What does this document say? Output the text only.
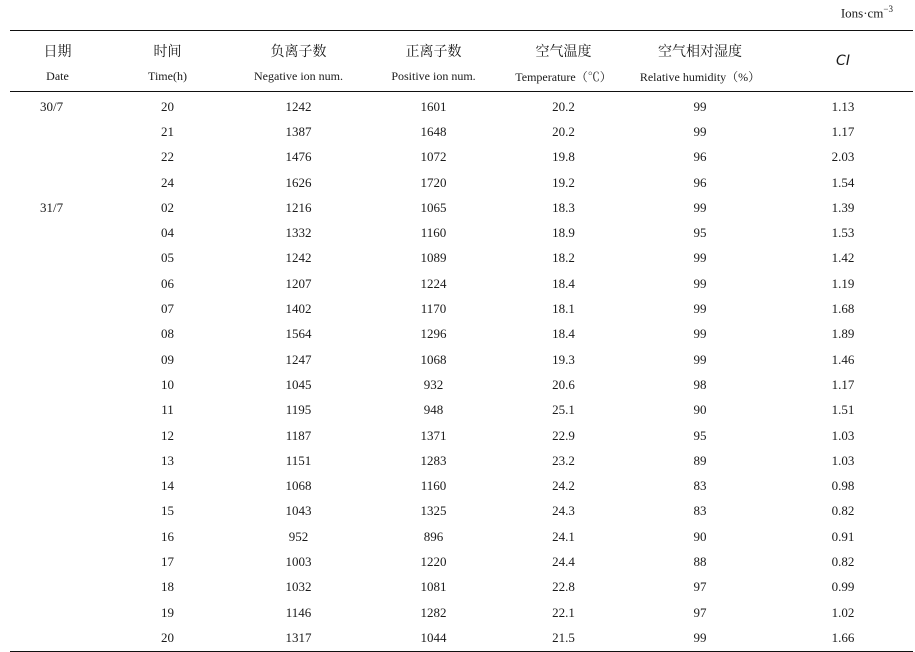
$Ions\cdot cm^{-3}$
日期	时间	负离子数	正离子数	空气温度	空气相对湿度	CI
Date	Time(h)	Negative ion num.	Positive ion num.	Temperature（℃）	Relative humidity（%）	
30/7	20	1242	1601	20.2	99	1.13
	21	1387	1648	20.2	99	1.17
	22	1476	1072	19.8	96	2.03
	24	1626	1720	19.2	96	1.54
31/7	02	1216	1065	18.3	99	1.39
	04	1332	1160	18.9	95	1.53
	05	1242	1089	18.2	99	1.42
	06	1207	1224	18.4	99	1.19
	07	1402	1170	18.1	99	1.68
	08	1564	1296	18.4	99	1.89
	09	1247	1068	19.3	99	1.46
	10	1045	932	20.6	98	1.17
	11	1195	948	25.1	90	1.51
	12	1187	1371	22.9	95	1.03
	13	1151	1283	23.2	89	1.03
	14	1068	1160	24.2	83	0.98
	15	1043	1325	24.3	83	0.82
	16	952	896	24.1	90	0.91
	17	1003	1220	24.4	88	0.82
	18	1032	1081	22.8	97	0.99
	19	1146	1282	22.1	97	1.02
	20	1317	1044	21.5	99	1.66
